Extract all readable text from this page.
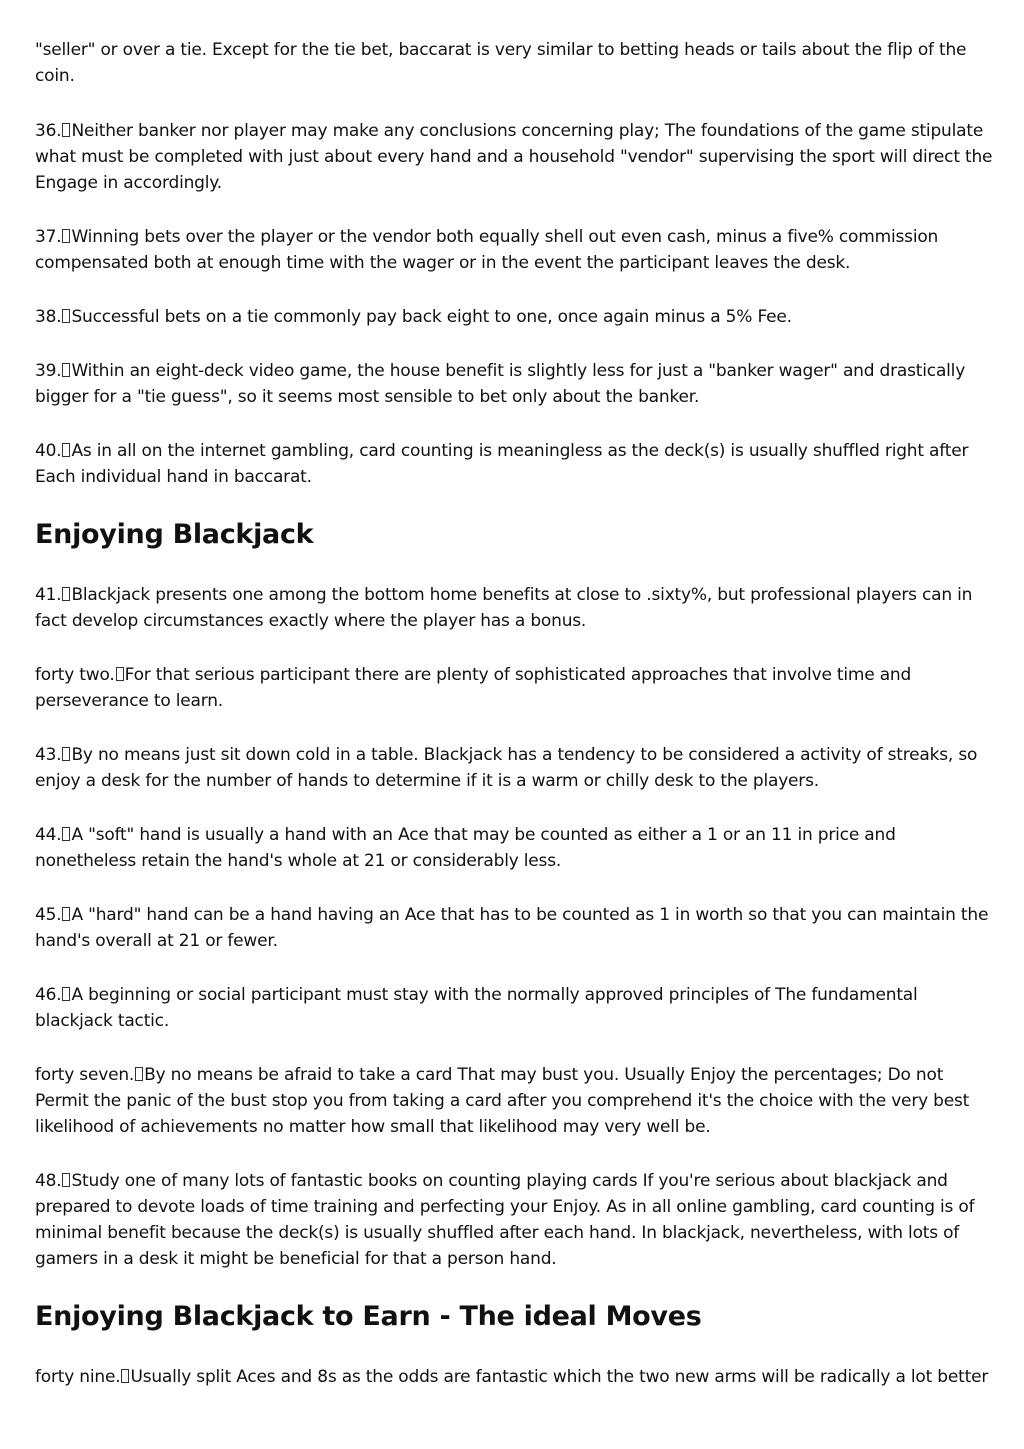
"seller" or over a tie. Except for the tie bet, baccarat is very similar to betting heads or tails about the flip of the coin.

36. Neither banker nor player may make any conclusions concerning play; The foundations of the game stipulate what must be completed with just about every hand and a household "vendor" supervising the sport will direct the Engage in accordingly.

37. Winning bets over the player or the vendor both equally shell out even cash, minus a five% commission compensated both at enough time with the wager or in the event the participant leaves the desk.

38. Successful bets on a tie commonly pay back eight to one, once again minus a 5% Fee.

39. Within an eight-deck video game, the house benefit is slightly less for just a "banker wager" and drastically bigger for a "tie guess", so it seems most sensible to bet only about the banker.

40. As in all on the internet gambling, card counting is meaningless as the deck(s) is usually shuffled right after Each individual hand in baccarat.

Enjoying Blackjack

41. Blackjack presents one among the bottom home benefits at close to .sixty%, but professional players can in fact develop circumstances exactly where the player has a bonus.

forty two. For that serious participant there are plenty of sophisticated approaches that involve time and perseverance to learn.

43. By no means just sit down cold in a table. Blackjack has a tendency to be considered a activity of streaks, so enjoy a desk for the number of hands to determine if it is a warm or chilly desk to the players.

44. A "soft" hand is usually a hand with an Ace that may be counted as either a 1 or an 11 in price and nonetheless retain the hand's whole at 21 or considerably less.

45. A "hard" hand can be a hand having an Ace that has to be counted as 1 in worth so that you can maintain the hand's overall at 21 or fewer.

46. A beginning or social participant must stay with the normally approved principles of The fundamental blackjack tactic.

forty seven. By no means be afraid to take a card That may bust you. Usually Enjoy the percentages; Do not Permit the panic of the bust stop you from taking a card after you comprehend it's the choice with the very best likelihood of achievements no matter how small that likelihood may very well be.

48. Study one of many lots of fantastic books on counting playing cards If you're serious about blackjack and prepared to devote loads of time training and perfecting your Enjoy. As in all online gambling, card counting is of minimal benefit because the deck(s) is usually shuffled after each hand. In blackjack, nevertheless, with lots of gamers in a desk it might be beneficial for that a person hand.

Enjoying Blackjack to Earn - The ideal Moves

forty nine. Usually split Aces and 8s as the odds are fantastic which the two new arms will be radically a lot better
